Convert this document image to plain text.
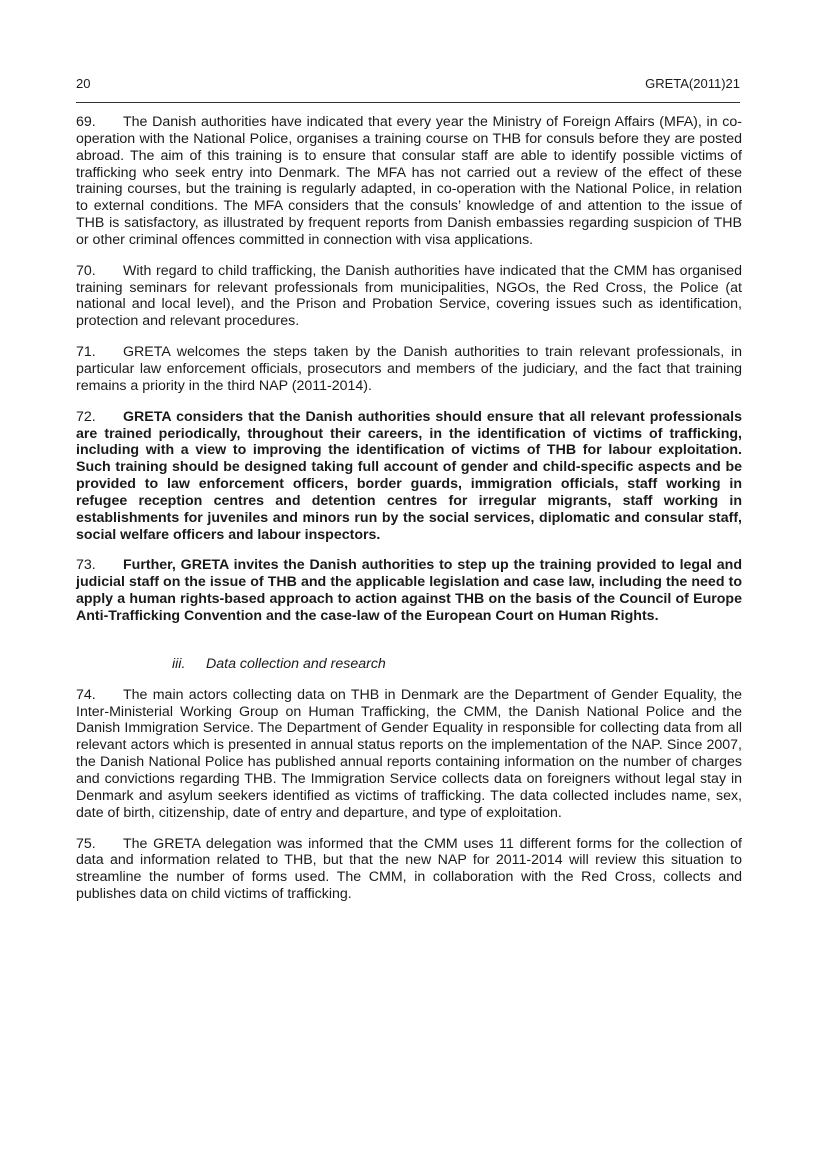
20	GRETA(2011)21

69. The Danish authorities have indicated that every year the Ministry of Foreign Affairs (MFA), in co-operation with the National Police, organises a training course on THB for consuls before they are posted abroad. The aim of this training is to ensure that consular staff are able to identify possible victims of trafficking who seek entry into Denmark. The MFA has not carried out a review of the effect of these training courses, but the training is regularly adapted, in co-operation with the National Police, in relation to external conditions. The MFA considers that the consuls’ knowledge of and attention to the issue of THB is satisfactory, as illustrated by frequent reports from Danish embassies regarding suspicion of THB or other criminal offences committed in connection with visa applications.

70. With regard to child trafficking, the Danish authorities have indicated that the CMM has organised training seminars for relevant professionals from municipalities, NGOs, the Red Cross, the Police (at national and local level), and the Prison and Probation Service, covering issues such as identification, protection and relevant procedures.

71. GRETA welcomes the steps taken by the Danish authorities to train relevant professionals, in particular law enforcement officials, prosecutors and members of the judiciary, and the fact that training remains a priority in the third NAP (2011-2014).

72. GRETA considers that the Danish authorities should ensure that all relevant professionals are trained periodically, throughout their careers, in the identification of victims of trafficking, including with a view to improving the identification of victims of THB for labour exploitation. Such training should be designed taking full account of gender and child-specific aspects and be provided to law enforcement officers, border guards, immigration officials, staff working in refugee reception centres and detention centres for irregular migrants, staff working in establishments for juveniles and minors run by the social services, diplomatic and consular staff, social welfare officers and labour inspectors.

73. Further, GRETA invites the Danish authorities to step up the training provided to legal and judicial staff on the issue of THB and the applicable legislation and case law, including the need to apply a human rights-based approach to action against THB on the basis of the Council of Europe Anti-Trafficking Convention and the case-law of the European Court on Human Rights.

iii. Data collection and research

74. The main actors collecting data on THB in Denmark are the Department of Gender Equality, the Inter-Ministerial Working Group on Human Trafficking, the CMM, the Danish National Police and the Danish Immigration Service. The Department of Gender Equality in responsible for collecting data from all relevant actors which is presented in annual status reports on the implementation of the NAP. Since 2007, the Danish National Police has published annual reports containing information on the number of charges and convictions regarding THB. The Immigration Service collects data on foreigners without legal stay in Denmark and asylum seekers identified as victims of trafficking. The data collected includes name, sex, date of birth, citizenship, date of entry and departure, and type of exploitation.

75. The GRETA delegation was informed that the CMM uses 11 different forms for the collection of data and information related to THB, but that the new NAP for 2011-2014 will review this situation to streamline the number of forms used. The CMM, in collaboration with the Red Cross, collects and publishes data on child victims of trafficking.
